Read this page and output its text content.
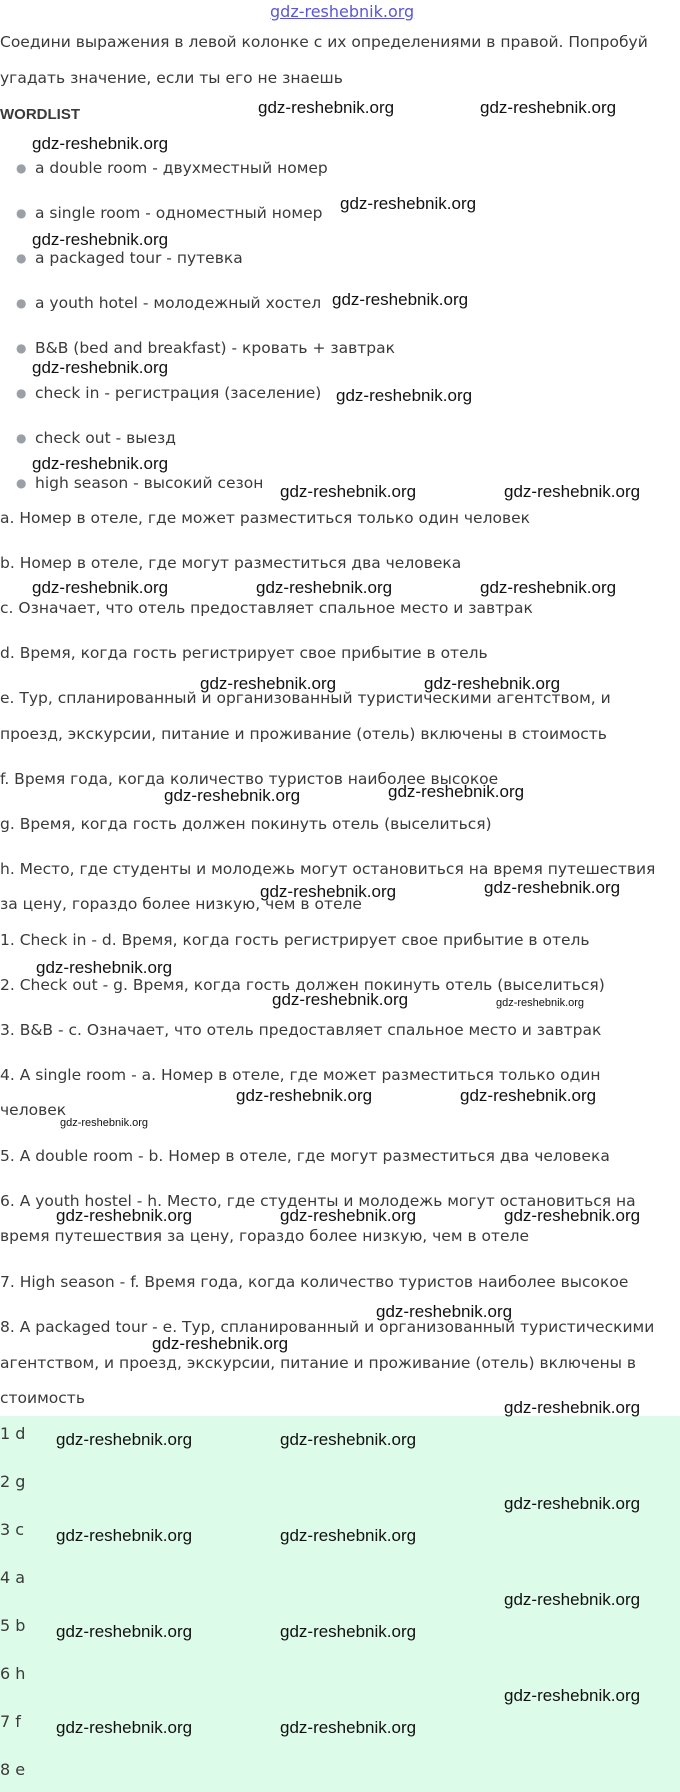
gdz-reshebnik.org

Соедини выражения в левой колонке с их определениями в правой. Попробуй

угадать значение, если ты его не знаешь

WORDLIST
● a double room - двухместный номер

● a single room - одноместный номер

● a packaged tour - путевка

● a youth hotel - молодежный хостел

● B&B (bed and breakfast) - кровать + завтрак

● check in - регистрация (заселение)

● check out - выезд

● high season - высокий сезон

a. Номер в отеле, где может разместиться только один человек

b. Номер в отеле, где могут разместиться два человека

c. Означает, что отель предоставляет спальное место и завтрак

d. Время, когда гость регистрирует свое прибытие в отель

e. Тур, спланированный и организованный туристическими агентством, и

проезд, экскурсии, питание и проживание (отель) включены в стоимость

f. Время года, когда количество туристов наиболее высокое

g. Время, когда гость должен покинуть отель (выселиться)

h. Место, где студенты и молодежь могут остановиться на время путешествия

за цену, гораздо более низкую, чем в отеле

1. Check in - d. Время, когда гость регистрирует свое прибытие в отель

2. Check out - g. Время, когда гость должен покинуть отель (выселиться)

3. B&B - c. Означает, что отель предоставляет спальное место и завтрак

4. A single room - a. Номер в отеле, где может разместиться только один

человек

5. A double room - b. Номер в отеле, где могут разместиться два человека

6. A youth hostel - h. Место, где студенты и молодежь могут остановиться на

время путешествия за цену, гораздо более низкую, чем в отеле

7. High season - f. Время года, когда количество туристов наиболее высокое

8. A packaged tour - e. Тур, спланированный и организованный туристическими

агентством, и проезд, экскурсии, питание и проживание (отель) включены в

стоимость

1 d
2 g
3 c
4 a
5 b
6 h
7 f
8 e
gdz-reshebnik.org	gdz-reshebnik.org
gdz-reshebnik.org
gdz-reshebnik.org
gdz-reshebnik.org
gdz-reshebnik.org
gdz-reshebnik.org
gdz-reshebnik.org
gdz-reshebnik.org
gdz-reshebnik.org	gdz-reshebnik.org
gdz-reshebnik.org	gdz-reshebnik.org	gdz-reshebnik.org
gdz-reshebnik.org	gdz-reshebnik.org
gdz-reshebnik.org	gdz-reshebnik.org
gdz-reshebnik.org	gdz-reshebnik.org
gdz-reshebnik.org
gdz-reshebnik.org	gdz-reshebnik.org
gdz-reshebnik.org	gdz-reshebnik.org
gdz-reshebnik.org
gdz-reshebnik.org	gdz-reshebnik.org	gdz-reshebnik.org
gdz-reshebnik.org
gdz-reshebnik.org
gdz-reshebnik.org
gdz-reshebnik.org	gdz-reshebnik.org
gdz-reshebnik.org
gdz-reshebnik.org	gdz-reshebnik.org
gdz-reshebnik.org
gdz-reshebnik.org	gdz-reshebnik.org
gdz-reshebnik.org
gdz-reshebnik.org	gdz-reshebnik.org
